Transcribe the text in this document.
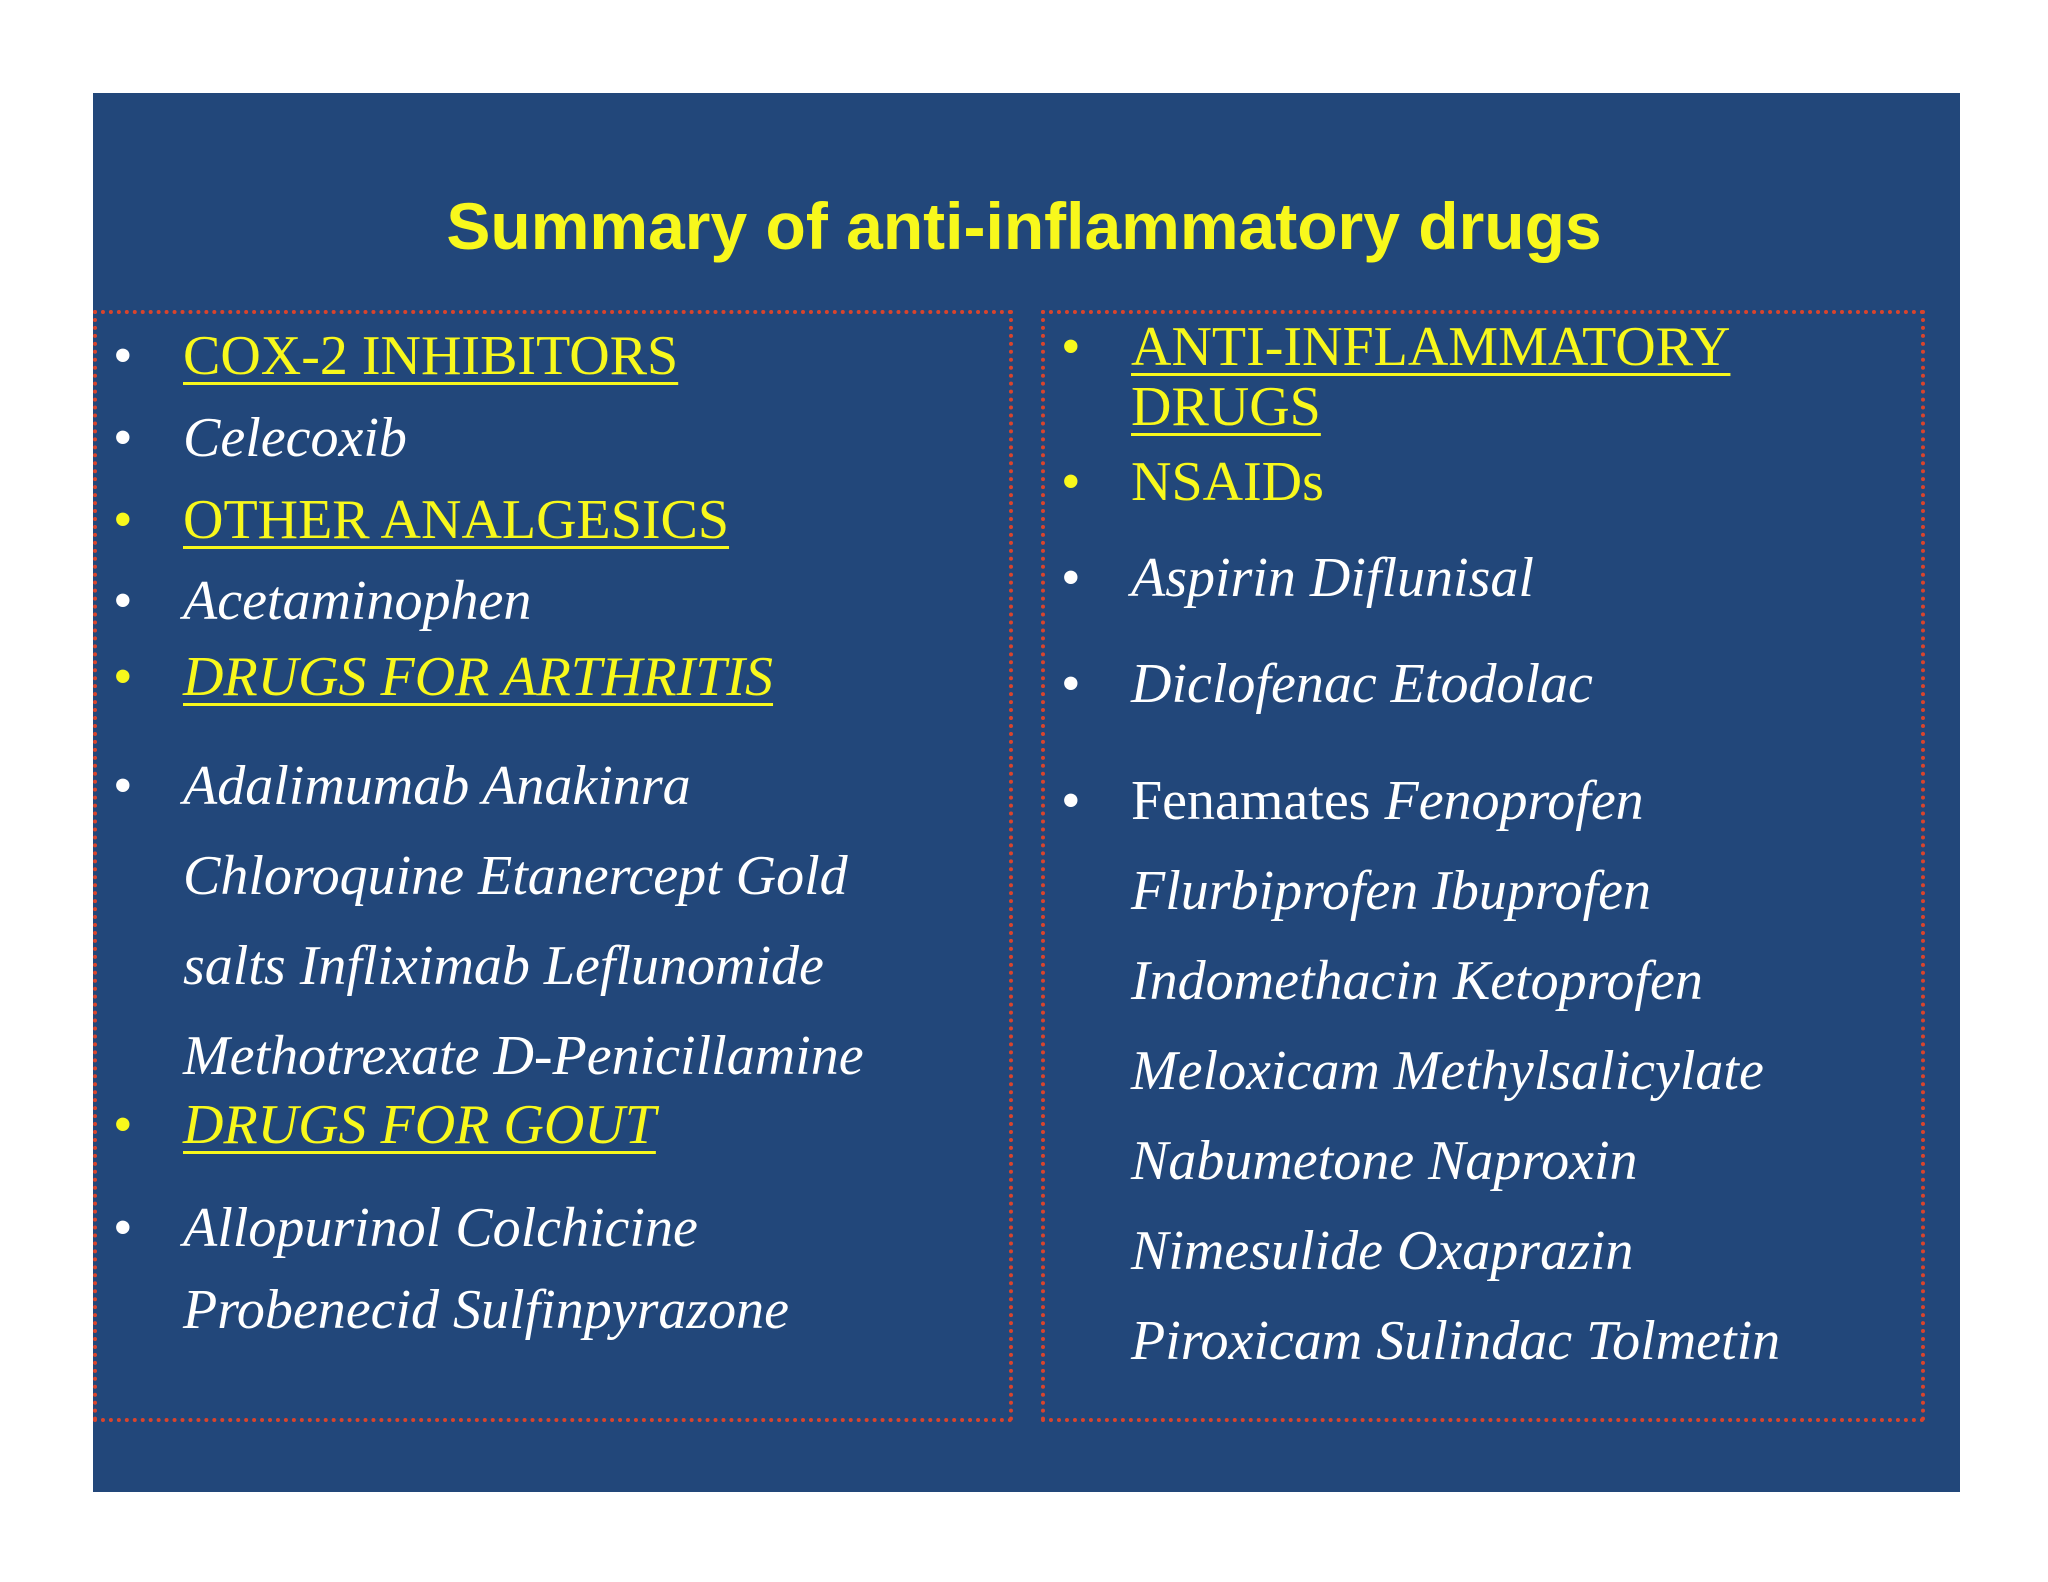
Summary of anti-inflammatory drugs
• COX-2 INHIBITORS
• Celecoxib
• OTHER ANALGESICS
• Acetaminophen
• DRUGS FOR ARTHRITIS
• Adalimumab Anakinra
Chloroquine Etanercept Gold
salts Infliximab Leflunomide
Methotrexate D-Penicillamine
• DRUGS FOR GOUT
• Allopurinol Colchicine
Probenecid Sulfinpyrazone
• ANTI-INFLAMMATORY
DRUGS
• NSAIDs
• Aspirin Diflunisal
• Diclofenac Etodolac
• Fenamates Fenoprofen
Flurbiprofen Ibuprofen
Indomethacin Ketoprofen
Meloxicam Methylsalicylate
Nabumetone Naproxin
Nimesulide Oxaprazin
Piroxicam Sulindac Tolmetin
